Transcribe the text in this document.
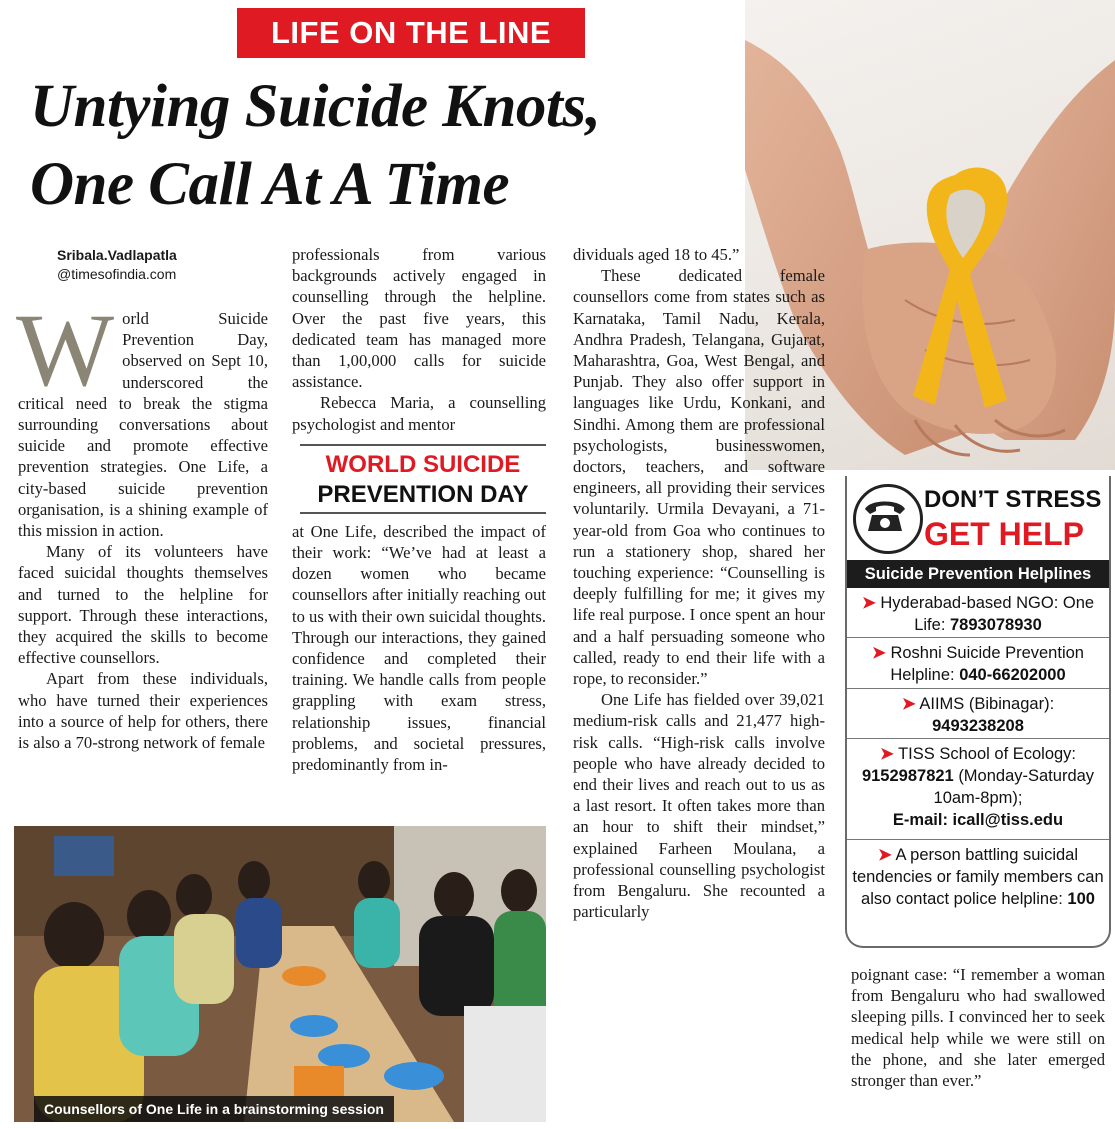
LIFE ON THE LINE
Untying Suicide Knots,
One Call At A Time
Sribala.Vadlapatla
@timesofindia.com

World Suicide Prevention Day, observed on Sept 10, underscored the critical need to break the stigma surrounding conversations about suicide and promote effective prevention strategies. One Life, a city-based suicide prevention organisation, is a shining example of this mission in action.

Many of its volunteers have faced suicidal thoughts themselves and turned to the helpline for support. Through these interactions, they acquired the skills to become effective counsellors.

Apart from these individuals, who have turned their experiences into a source of help for others, there is also a 70-strong network of female

professionals from various backgrounds actively engaged in counselling through the helpline. Over the past five years, this dedicated team has managed more than 1,00,000 calls for suicide assistance.

Rebecca Maria, a counselling psychologist and mentor

at One Life, described the impact of their work: “We’ve had at least a dozen women who became counsellors after initially reaching out to us with their own suicidal thoughts. Through our interactions, they gained confidence and completed their training. We handle calls from people grappling with exam stress, relationship issues, financial problems, and societal pressures, predominantly from in-

WORLD SUICIDE
PREVENTION DAY

dividuals aged 18 to 45.”

These dedicated female counsellors come from states such as Karnataka, Tamil Nadu, Kerala, Andhra Pradesh, Telangana, Gujarat, Maharashtra, Goa, West Bengal, and Punjab. They also offer support in languages like Urdu, Konkani, and Sindhi. Among them are professional psychologists, businesswomen, doctors, teachers, and software engineers, all providing their services voluntarily. Urmila Devayani, a 71-year-old from Goa who continues to run a stationery shop, shared her touching experience: “Counselling is deeply fulfilling for me; it gives my life real purpose. I once spent an hour and a half persuading someone who called, ready to end their life with a rope, to reconsider.”

One Life has fielded over 39,021 medium-risk calls and 21,477 high-risk calls. “High-risk calls involve people who have already decided to end their lives and reach out to us as a last resort. It often takes more than an hour to shift their mindset,” explained Farheen Moulana, a professional counselling psychologist from Bengaluru. She recounted a particularly

poignant case: “I remember a woman from Bengaluru who had swallowed sleeping pills. I convinced her to seek medical help while we were still on the phone, and she later emerged stronger than ever.”

Counsellors of One Life in a brainstorming session
DON’T STRESS
GET HELP
Suicide Prevention Helplines
➤ Hyderabad-based NGO: One Life: 7893078930
➤ Roshni Suicide Prevention Helpline: 040-66202000
➤ AIIMS (Bibinagar):
9493238208
➤ TISS School of Ecology:
9152987821 (Monday-Saturday 10am-8pm);
E-mail: icall@tiss.edu
➤ A person battling suicidal tendencies or family members can also contact police helpline: 100
